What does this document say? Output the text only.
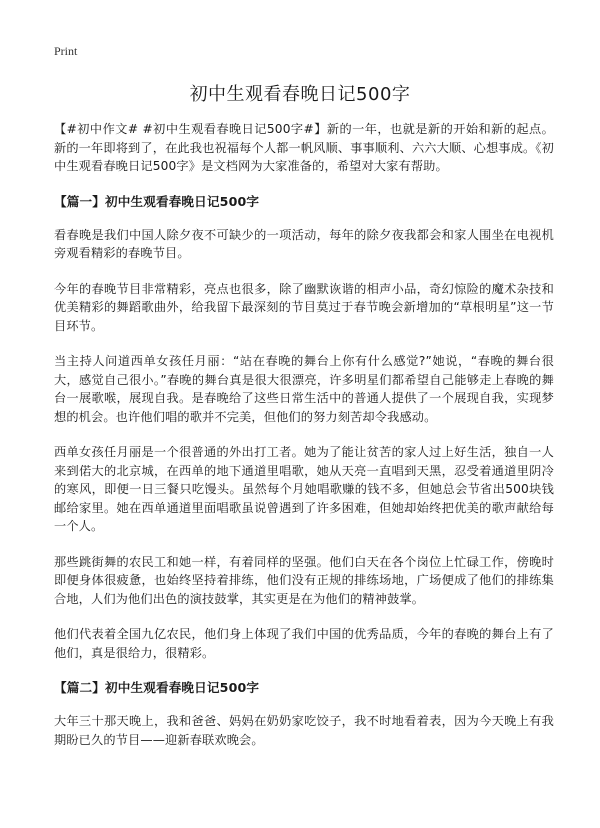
Print
初中生观看春晚日记500字

【#初中作文# #初中生观看春晚日记500字#】新的一年，也就是新的开始和新的起点。新的一年即将到了，在此我也祝福每个人都一帆风顺、事事顺利、六六大顺、心想事成。《初中生观看春晚日记500字》是文档网为大家准备的，希望对大家有帮助。

【篇一】初中生观看春晚日记500字

看春晚是我们中国人除夕夜不可缺少的一项活动，每年的除夕夜我都会和家人围坐在电视机旁观看精彩的春晚节目。

今年的春晚节目非常精彩，亮点也很多，除了幽默诙谐的相声小品，奇幻惊险的魔术杂技和优美精彩的舞蹈歌曲外，给我留下最深刻的节目莫过于春节晚会新增加的“草根明星”这一节目环节。

当主持人问道西单女孩任月丽：“站在春晚的舞台上你有什么感觉?”她说，“春晚的舞台很大，感觉自己很小。”春晚的舞台真是很大很漂亮，许多明星们都希望自己能够走上春晚的舞台一展歌喉，展现自我。是春晚给了这些日常生活中的普通人提供了一个展现自我，实现梦想的机会。也许他们唱的歌并不完美，但他们的努力刻苦却令我感动。

西单女孩任月丽是一个很普通的外出打工者。她为了能让贫苦的家人过上好生活，独自一人来到偌大的北京城，在西单的地下通道里唱歌，她从天亮一直唱到天黑，忍受着通道里阴冷的寒风，即便一日三餐只吃馒头。虽然每个月她唱歌赚的钱不多，但她总会节省出500块钱邮给家里。她在西单通道里面唱歌虽说曾遇到了许多困难，但她却始终把优美的歌声献给每一个人。

那些跳街舞的农民工和她一样，有着同样的坚强。他们白天在各个岗位上忙碌工作，傍晚时即便身体很疲惫，也始终坚持着排练，他们没有正规的排练场地，广场便成了他们的排练集合地，人们为他们出色的演技鼓掌，其实更是在为他们的精神鼓掌。

他们代表着全国九亿农民，他们身上体现了我们中国的优秀品质，今年的春晚的舞台上有了他们，真是很给力，很精彩。

【篇二】初中生观看春晚日记500字

大年三十那天晚上，我和爸爸、妈妈在奶奶家吃饺子，我不时地看着表，因为今天晚上有我期盼已久的节目——迎新春联欢晚会。
